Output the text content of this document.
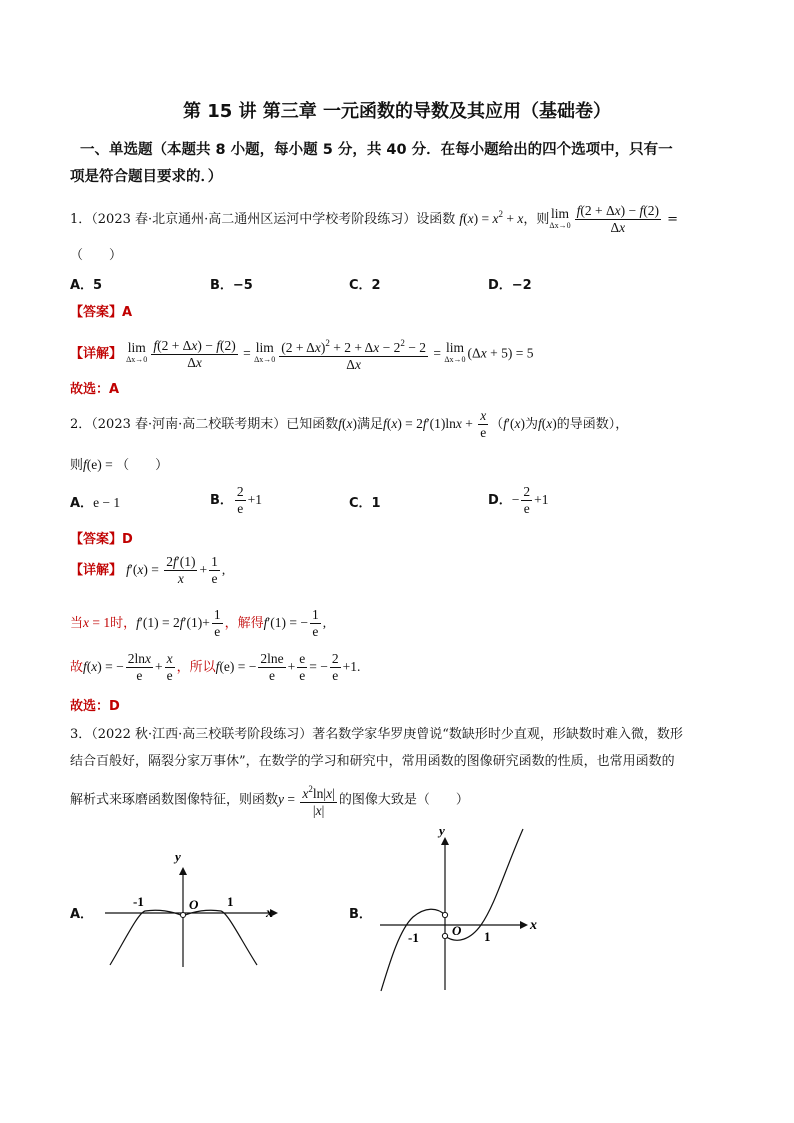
第 15 讲 第三章 一元函数的导数及其应用（基础卷）
一、单选题（本题共 8 小题，每小题 5 分，共 40 分．在每小题给出的四个选项中，只有一
项是符合题目要求的．）
1．（2023 春·北京通州·高二通州区运河中学校考阶段练习）设函数 $f(x) = x^2 + x$，则 lim
$\Delta x\to 0 \frac{f(2 + \Delta x) - f(2)}{\Delta x}$ =
（　　）
A．5	B．−5	C．2	D．−2
【答案】A
【详解】 lim
$\Delta x\to 0 \frac{f(2 + \Delta x) - f(2)}{\Delta x} = \lim$
$\Delta x\to 0 \frac{(2 + \Delta x)^2 + 2 + \Delta x - 2^2 - 2}{\Delta x} = \lim$
Δx→0 (Δx + 5) = 5
故选：A
2．（2023 春·河南·高二校联考期末）已知函数f(x)满足$f(x) = 2f'(1)\ln x + \frac{x}{e} (f'(x)$为f(x)的导函数），
则f(e) = （　　）
A．e − 1	B． $\frac{2}{e} +1$	C．1	D．− $\frac{2}{e} +1$
【答案】D
【详解】 $f'(x) = \frac{2f'(1)}{x} + \frac{1}{e}$ ,
当x = 1时，$f'(1) = 2f'(1)+ \frac{1}{e}$ ，解得f′(1) = − $\frac{1}{e}$ ,
故f(x) = − $\frac{2\ln x}{e} + \frac{x}{e}$ ，所以f(e) = − $\frac{2\ln e}{e} + \frac{e}{e}$ = − $\frac{2}{e} +1$.
故选：D
3．（2022 秋·江西·高三校联考阶段练习）著名数学家华罗庚曾说“数缺形时少直观，形缺数时难入微，数形
结合百般好，隔裂分家万事休”，在数学的学习和研究中，常用函数的图像研究函数的性质，也常用函数的
解析式来琢磨函数图像特征，则函数$y = \frac{x^2\ln|x|}{|x|}$ 的图像大致是（　　）
A．
y
O
-1	1
x	B．
y
O
-1	1
x
